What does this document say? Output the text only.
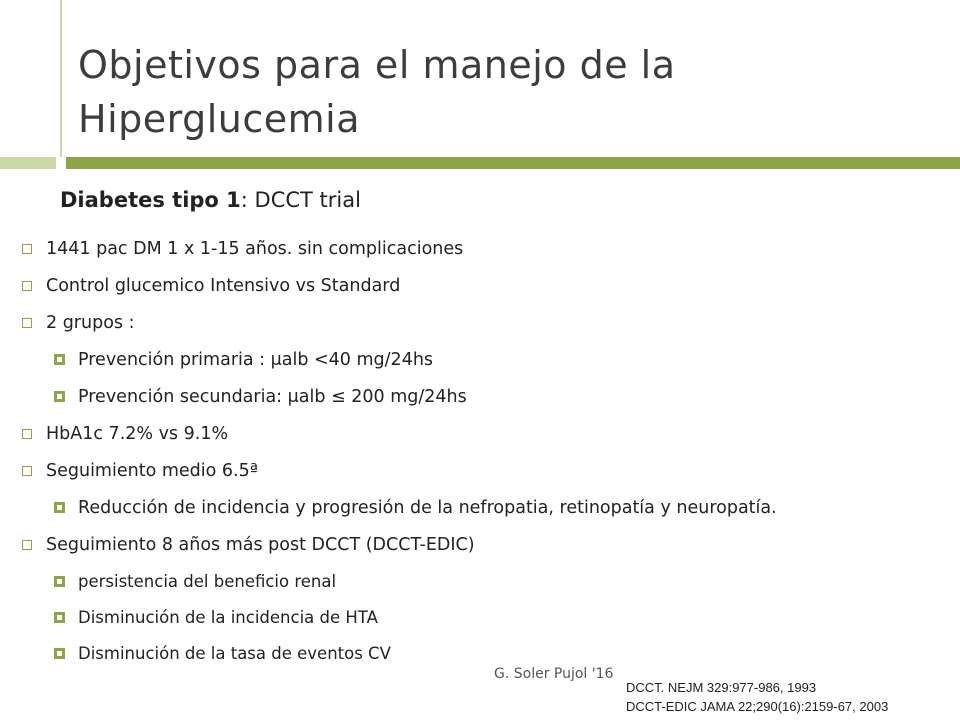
Objetivos para el manejo de la
Hiperglucemia
Diabetes tipo 1: DCCT trial
1441 pac DM 1 x 1-15 años. sin complicaciones
Control glucemico Intensivo vs Standard
2 grupos :
Prevención primaria : μalb <40 mg/24hs
Prevención secundaria: μalb ≤ 200 mg/24hs
HbA1c 7.2% vs 9.1%
Seguimiento medio 6.5ª
Reducción de incidencia y progresión de la nefropatia, retinopatía y neuropatía.
Seguimiento 8 años más post DCCT (DCCT-EDIC)
persistencia del beneficio renal
Disminución de la incidencia de HTA
Disminución de la tasa de eventos CV
G. Soler Pujol '16
DCCT. NEJM 329:977-986, 1993
DCCT-EDIC JAMA 22;290(16):2159-67, 2003
